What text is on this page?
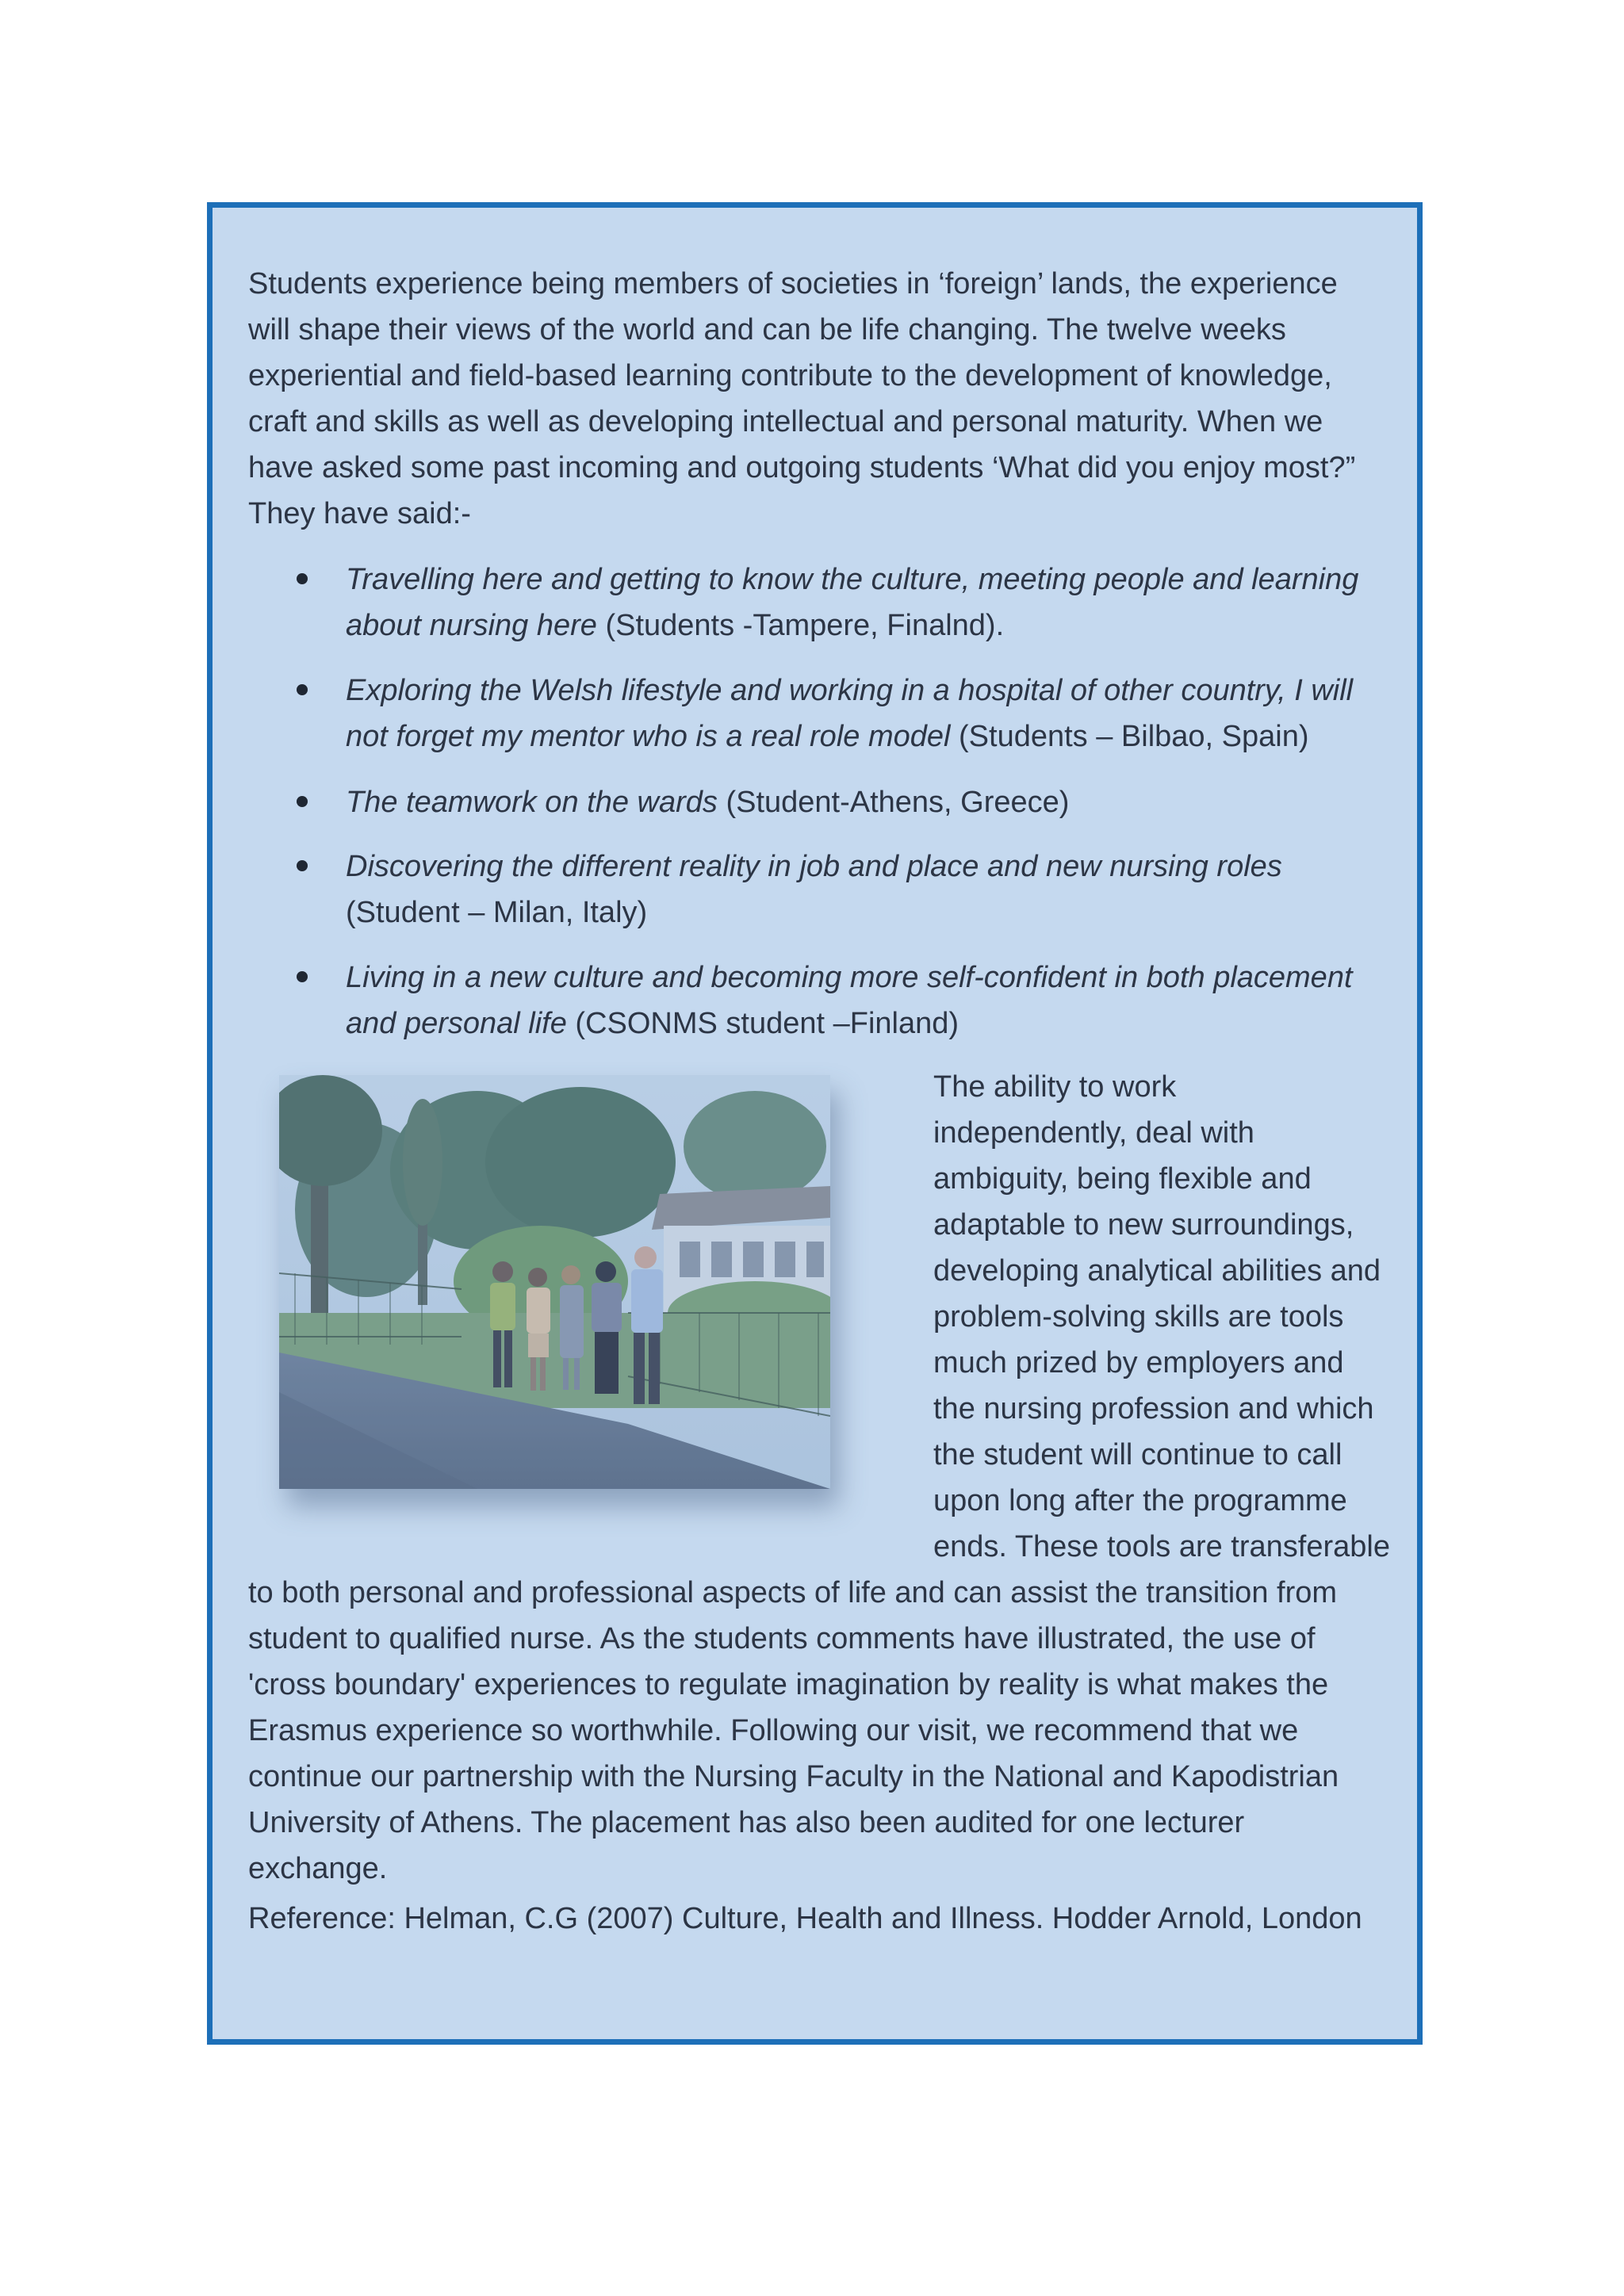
Students experience being members of societies in ‘foreign’ lands, the experience
will shape their views of the world and can be life changing. The twelve weeks
experiential and field-based learning contribute to the development of knowledge,
craft and skills as well as developing intellectual and personal maturity. When we
have asked some past incoming and outgoing students ‘What did you enjoy most?”
They have said:-

Travelling here and getting to know the culture, meeting people and learning
about nursing here (Students -Tampere, Finalnd).
Exploring the Welsh lifestyle and working in a hospital of other country, I will
not forget my mentor who is a real role model (Students – Bilbao, Spain)
The teamwork on the wards (Student-Athens, Greece)
Discovering the different reality in job and place and new nursing roles
(Student – Milan, Italy)
Living in a new culture and becoming more self-confident in both placement
and personal life (CSONMS student –Finland)

The ability to work
independently, deal with
ambiguity, being flexible and
adaptable to new surroundings,
developing analytical abilities and
problem-solving skills are tools
much prized by employers and
the nursing profession and which
the student will continue to call
upon long after the programme
ends. These tools are transferable

to both personal and professional aspects of life and can assist the transition from
student to qualified nurse. As the students comments have illustrated, the use of
'cross boundary' experiences to regulate imagination by reality is what makes the
Erasmus experience so worthwhile. Following our visit, we recommend that we
continue our partnership with the Nursing Faculty in the National and Kapodistrian
University of Athens. The placement has also been audited for one lecturer
exchange.

Reference: Helman, C.G (2007) Culture, Health and Illness. Hodder Arnold, London
